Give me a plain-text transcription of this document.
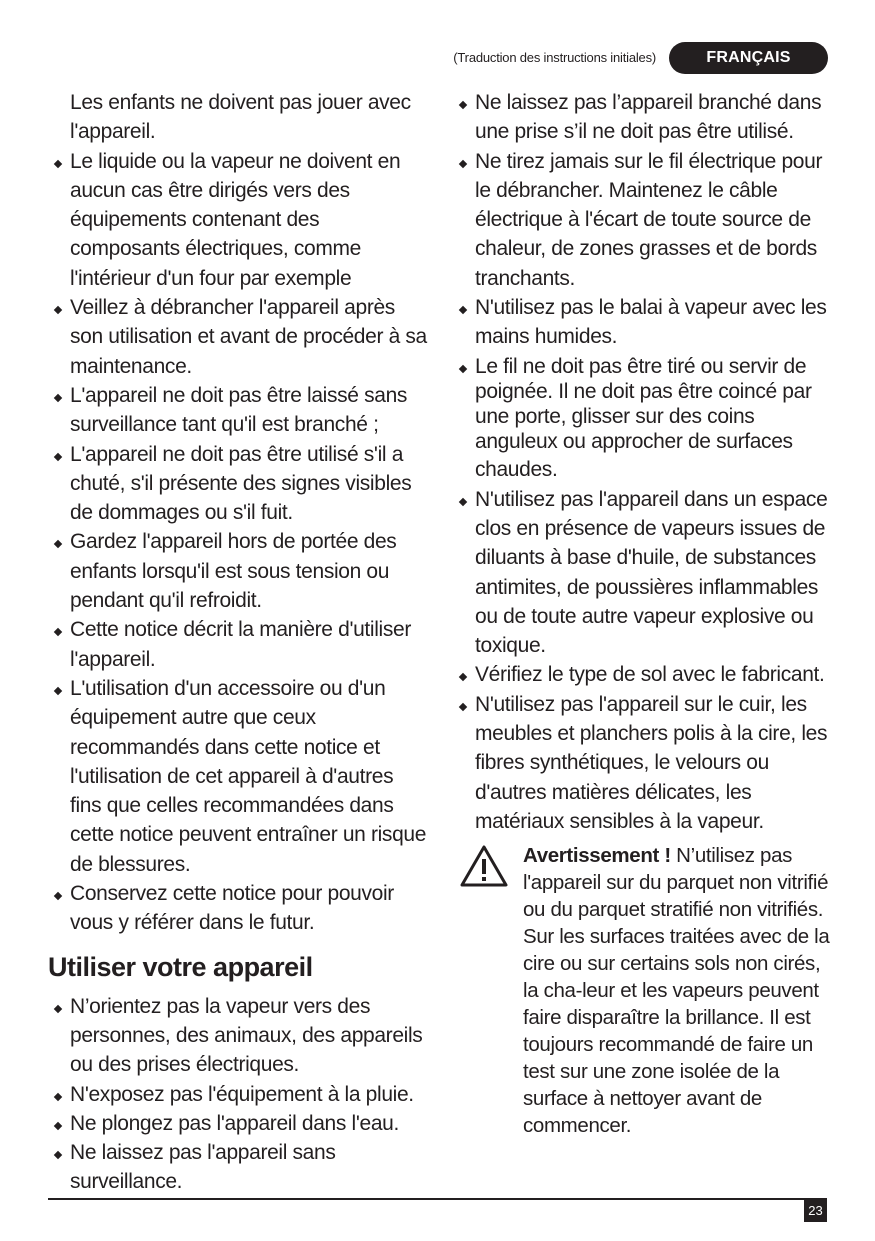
(Traduction des instructions initiales)	FRANÇAIS
Les enfants ne doivent pas jouer avec l'appareil.
Le liquide ou la vapeur ne doivent en aucun cas être dirigés vers des équipements contenant des composants électriques, comme l'intérieur d'un four par exemple
Veillez à débrancher l'appareil après son utilisation et avant de procéder à sa maintenance.
L'appareil ne doit pas être laissé sans surveillance tant qu'il est branché ;
L'appareil ne doit pas être utilisé s'il a chuté, s'il présente des signes visibles de dommages ou s'il fuit.
Gardez l'appareil hors de portée des enfants lorsqu'il est sous tension ou pendant qu'il refroidit.
Cette notice décrit la manière d'utiliser l'appareil.
L'utilisation d'un accessoire ou d'un équipement autre que ceux recommandés dans cette notice et l'utilisation de cet appareil à d'autres fins que celles recommandées dans cette notice peuvent entraîner un risque de blessures.
Conservez cette notice pour pouvoir vous y référer dans le futur.
Utiliser votre appareil
N’orientez pas la vapeur vers des personnes, des animaux, des appareils ou des prises électriques.
N'exposez pas l'équipement à la pluie.
Ne plongez pas l'appareil dans l'eau.
Ne laissez pas l'appareil sans surveillance.
Ne laissez pas l’appareil branché dans une prise s’il ne doit pas être utilisé.
Ne tirez jamais sur le fil électrique pour le débrancher. Maintenez le câble électrique à l'écart de toute source de chaleur, de zones grasses et de bords tranchants.
N'utilisez pas le balai à vapeur avec les mains humides.
Le fil ne doit pas être tiré ou servir de poignée. Il ne doit pas être coincé par une porte, glisser sur des coins anguleux ou approcher de surfaces
chaudes.
N'utilisez pas l'appareil dans un espace clos en présence de vapeurs issues de diluants à base d'huile, de substances antimites, de poussières inflammables ou de toute autre vapeur explosive ou toxique.
Vérifiez le type de sol avec le fabricant.
N'utilisez pas l'appareil sur le cuir, les meubles et planchers polis à la cire, les fibres synthétiques, le velours ou d'autres matières délicates, les matériaux sensibles à la vapeur.
Avertissement ! N’utilisez pas l'appareil sur du parquet non vitrifié ou du parquet stratifié non vitrifiés. Sur les surfaces traitées avec de la cire ou sur certains sols non cirés, la cha-leur et les vapeurs peuvent faire disparaître la brillance. Il est toujours recommandé de faire un test sur une zone isolée de la surface à nettoyer avant de commencer.
23
